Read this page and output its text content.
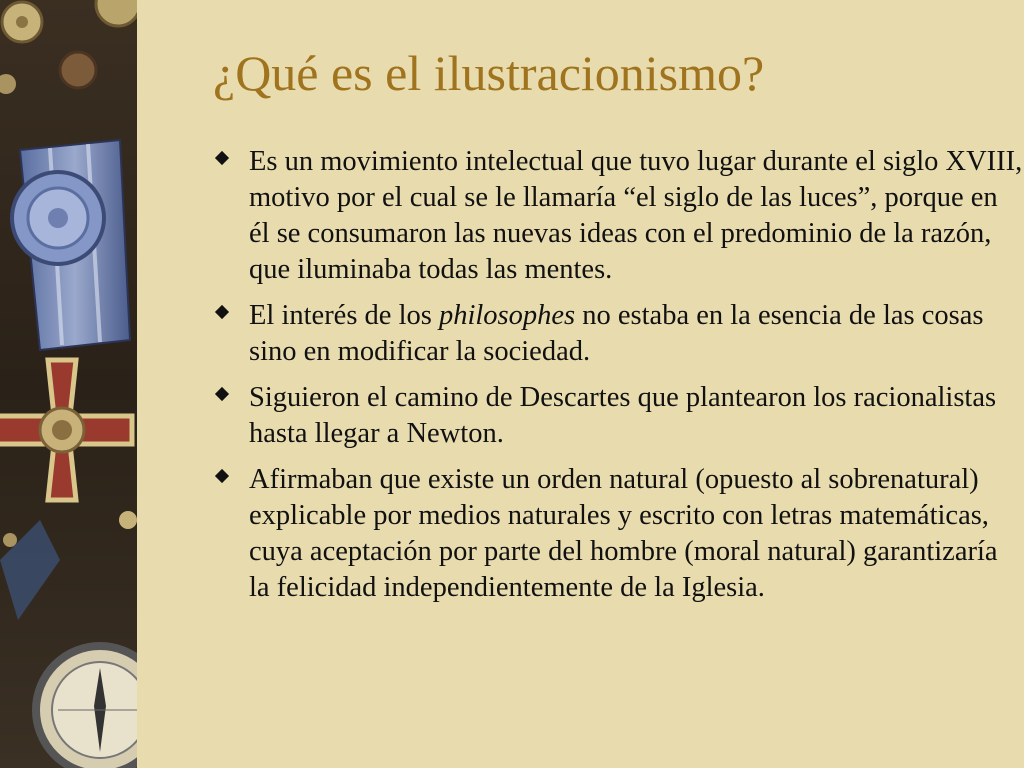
¿Qué es el ilustracionismo?
Es un movimiento intelectual que tuvo lugar durante el siglo XVIII, motivo por el cual se le llamaría “el siglo de las luces”, porque en él se consumaron las nuevas ideas con el predominio de la razón, que iluminaba todas las mentes.
El interés de los philosophes no estaba en la esencia de las cosas sino en modificar la sociedad.
Siguieron el camino de Descartes que plantearon los racionalistas hasta llegar a Newton.
Afirmaban que existe un orden natural (opuesto al sobrenatural) explicable por medios naturales y escrito con letras matemáticas, cuya aceptación por parte del hombre (moral natural) garantizaría la felicidad independientemente de la Iglesia.
